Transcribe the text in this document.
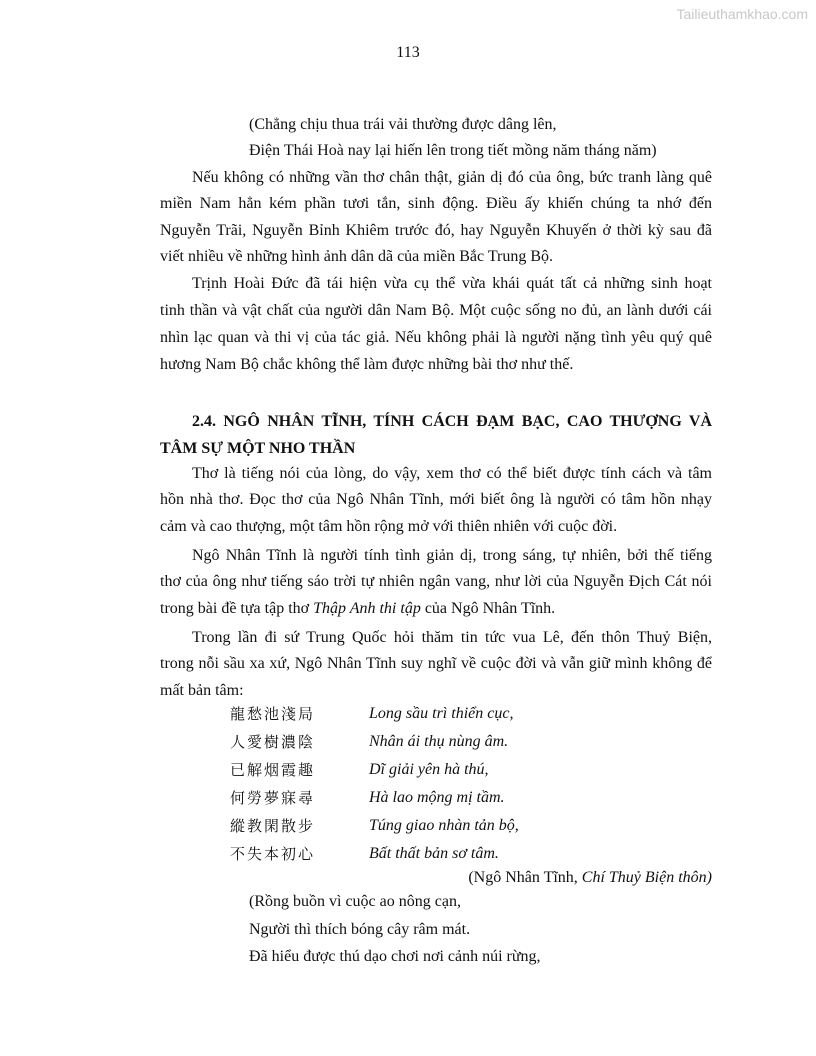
Tailieuthamkhao.com
113
(Chẳng chịu thua trái vải thường được dâng lên,
Điện Thái Hoà nay lại hiến lên trong tiết mồng năm tháng năm)
Nếu không có những vần thơ chân thật, giản dị đó của ông, bức tranh làng quê
miền Nam hẳn kém phần tươi tắn, sinh động. Điều ấy khiến chúng ta nhớ đến
Nguyễn Trãi, Nguyễn Bỉnh Khiêm trước đó, hay Nguyễn Khuyến ở thời kỳ sau đã
viết nhiều về những hình ảnh dân dã của miền Bắc Trung Bộ.
Trịnh Hoài Đức đã tái hiện vừa cụ thể vừa khái quát tất cả những sinh hoạt
tinh thần và vật chất của người dân Nam Bộ. Một cuộc sống no đủ, an lành dưới cái
nhìn lạc quan và thi vị của tác giả. Nếu không phải là người nặng tình yêu quý quê
hương Nam Bộ chắc không thể làm được những bài thơ như thế.
2.4. NGÔ NHÂN TĨNH, TÍNH CÁCH ĐẠM BẠC, CAO THƯỢNG VÀ
TÂM SỰ MỘT NHO THẦN
Thơ là tiếng nói của lòng, do vậy, xem thơ có thể biết được tính cách và tâm
hồn nhà thơ. Đọc thơ của Ngô Nhân Tĩnh, mới biết ông là người có tâm hồn nhạy
cảm và cao thượng, một tâm hồn rộng mở với thiên nhiên với cuộc đời.
Ngô Nhân Tĩnh là người tính tình giản dị, trong sáng, tự nhiên, bởi thế tiếng
thơ của ông như tiếng sáo trời tự nhiên ngân vang, như lời của Nguyễn Địch Cát nói
trong bài đề tựa tập thơ Thập Anh thi tập của Ngô Nhân Tĩnh.
Trong lần đi sứ Trung Quốc hỏi thăm tin tức vua Lê, đến thôn Thuỷ Biện,
trong nỗi sầu xa xứ, Ngô Nhân Tĩnh suy nghĩ về cuộc đời và vẫn giữ mình không để
mất bản tâm:
龍愁池淺局	Long sầu trì thiển cục,
人愛樹濃陰	Nhân ái thụ nùng âm.
已解烟霞趣	Dĩ giải yên hà thú,
何勞夢寐尋	Hà lao mộng mị tầm.
縱教閑散步	Túng giao nhàn tản bộ,
不失本初心	Bất thất bản sơ tâm.
(Ngô Nhân Tĩnh, Chí Thuỷ Biện thôn)
(Rồng buồn vì cuộc ao nông cạn,
Người thì thích bóng cây râm mát.
Đã hiểu được thú dạo chơi nơi cảnh núi rừng,
